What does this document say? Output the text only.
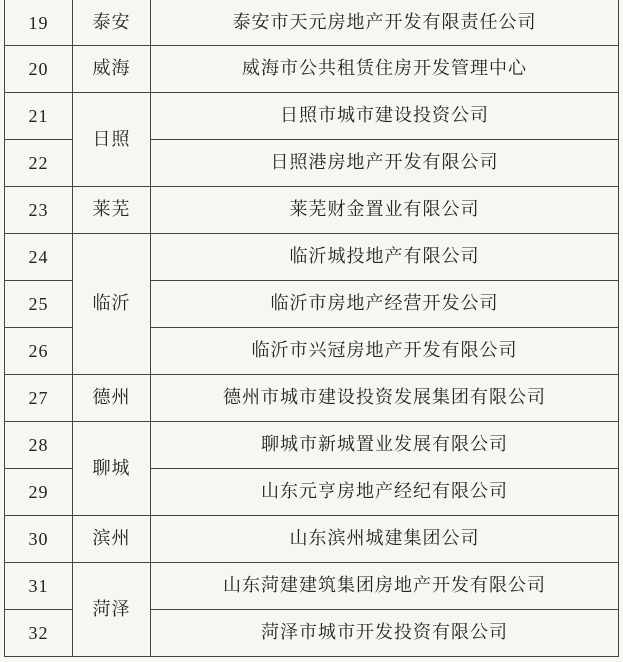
19	泰安	泰安市天元房地产开发有限责任公司
20	威海	威海市公共租赁住房开发管理中心
21	日照	日照市城市建设投资公司
22		日照港房地产开发有限公司
23	莱芜	莱芜财金置业有限公司
24	临沂	临沂城投地产有限公司
25		临沂市房地产经营开发公司
26		临沂市兴冠房地产开发有限公司
27	德州	德州市城市建设投资发展集团有限公司
28	聊城	聊城市新城置业发展有限公司
29		山东元亨房地产经纪有限公司
30	滨州	山东滨州城建集团公司
31	菏泽	山东菏建建筑集团房地产开发有限公司
32		菏泽市城市开发投资有限公司
